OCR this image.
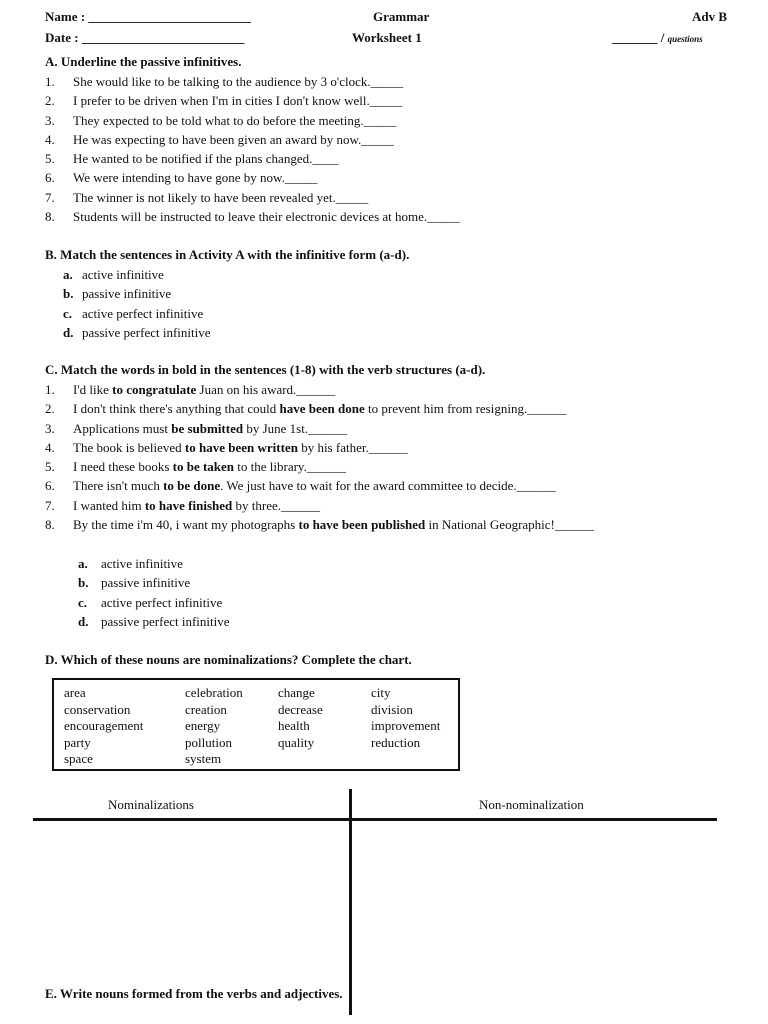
Name : _________________________
Date : _________________________
Grammar
Worksheet 1
Adv B
_______ / questions
A. Underline the passive infinitives.
1. She would like to be talking to the audience by 3 o'clock._____
2. I prefer to be driven when I'm in cities I don't know well._____
3. They expected to be told what to do before the meeting._____
4. He was expecting to have been given an award by now._____
5. He wanted to be notified if the plans changed.____
6. We were intending to have gone by now._____
7. The winner is not likely to have been revealed yet._____
8. Students will be instructed to leave their electronic devices at home._____
B. Match the sentences in Activity A with the infinitive form (a-d).
a. active infinitive
b. passive infinitive
c. active perfect infinitive
d. passive perfect infinitive
C. Match the words in bold in the sentences (1-8) with the verb structures (a-d).
1. I'd like to congratulate Juan on his award.______
2. I don't think there's anything that could have been done to prevent him from resigning.______
3. Applications must be submitted by June 1st.______
4. The book is believed to have been written by his father.______
5. I need these books to be taken to the library.______
6. There isn't much to be done. We just have to wait for the award committee to decide.______
7. I wanted him to have finished by three.______
8. By the time i'm 40, i want my photographs to have been published in National Geographic!______
a. active infinitive
b. passive infinitive
c. active perfect infinitive
d. passive perfect infinitive
D. Which of these nouns are nominalizations? Complete the chart.
area	celebration	change	city
conservation	creation	decrease	division
encouragement	energy	health	improvement
party	pollution	quality	reduction
space	system
Nominalizations	Non-nominalization
E. Write nouns formed from the verbs and adjectives.
